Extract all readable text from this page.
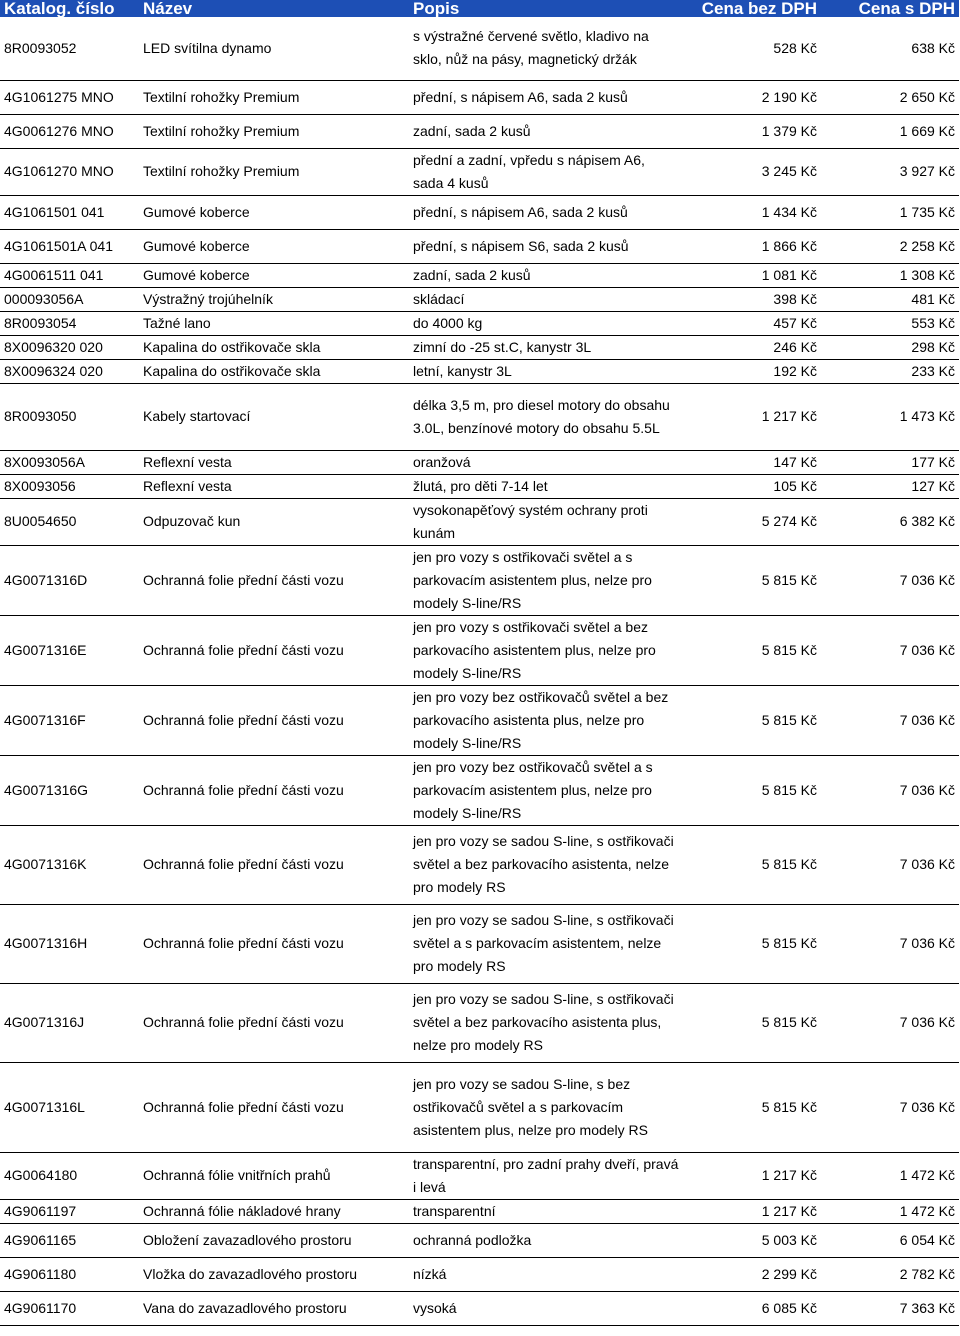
Katalog. číslo	Název	Popis	Cena bez DPH	Cena s DPH
8R0093052	LED svítilna dynamo	s výstražné červené světlo, kladivo na sklo, nůž na pásy, magnetický držák	528 Kč	638 Kč
4G1061275 MNO	Textilní rohožky Premium	přední, s nápisem A6, sada 2 kusů	2 190 Kč	2 650 Kč
4G0061276 MNO	Textilní rohožky Premium	zadní, sada 2 kusů	1 379 Kč	1 669 Kč
4G1061270 MNO	Textilní rohožky Premium	přední a zadní, vpředu s nápisem A6, sada 4 kusů	3 245 Kč	3 927 Kč
4G1061501 041	Gumové koberce	přední, s nápisem A6, sada 2 kusů	1 434 Kč	1 735 Kč
4G1061501A 041	Gumové koberce	přední, s nápisem S6, sada 2 kusů	1 866 Kč	2 258 Kč
4G0061511 041	Gumové koberce	zadní, sada 2 kusů	1 081 Kč	1 308 Kč
000093056A	Výstražný trojúhelník	skládací	398 Kč	481 Kč
8R0093054	Tažné lano	do 4000 kg	457 Kč	553 Kč
8X0096320 020	Kapalina do ostřikovače skla	zimní do -25 st.C, kanystr 3L	246 Kč	298 Kč
8X0096324 020	Kapalina do ostřikovače skla	letní, kanystr 3L	192 Kč	233 Kč
8R0093050	Kabely startovací	délka 3,5 m, pro diesel motory do obsahu 3.0L, benzínové motory do obsahu 5.5L	1 217 Kč	1 473 Kč
8X0093056A	Reflexní vesta	oranžová	147 Kč	177 Kč
8X0093056	Reflexní vesta	žlutá, pro děti 7-14 let	105 Kč	127 Kč
8U0054650	Odpuzovač kun	vysokonapěťový systém ochrany proti kunám	5 274 Kč	6 382 Kč
4G0071316D	Ochranná folie přední části vozu	jen pro vozy s ostřikovači světel a s parkovacím asistentem plus, nelze pro modely S-line/RS	5 815 Kč	7 036 Kč
4G0071316E	Ochranná folie přední části vozu	jen pro vozy s ostřikovači světel a bez parkovacího asistentem plus, nelze pro modely S-line/RS	5 815 Kč	7 036 Kč
4G0071316F	Ochranná folie přední části vozu	jen pro vozy bez ostřikovačů světel a bez parkovacího asistenta plus, nelze pro modely S-line/RS	5 815 Kč	7 036 Kč
4G0071316G	Ochranná folie přední části vozu	jen pro vozy bez ostřikovačů světel a s parkovacím asistentem plus, nelze pro modely S-line/RS	5 815 Kč	7 036 Kč
4G0071316K	Ochranná folie přední části vozu	jen pro vozy se sadou S-line, s ostřikovači světel a bez parkovacího asistenta, nelze pro modely RS	5 815 Kč	7 036 Kč
4G0071316H	Ochranná folie přední části vozu	jen pro vozy se sadou S-line, s ostřikovači světel a s parkovacím asistentem, nelze pro modely RS	5 815 Kč	7 036 Kč
4G0071316J	Ochranná folie přední části vozu	jen pro vozy se sadou S-line, s ostřikovači světel a bez parkovacího asistenta plus, nelze pro modely RS	5 815 Kč	7 036 Kč
4G0071316L	Ochranná folie přední části vozu	jen pro vozy se sadou S-line, s bez ostřikovačů světel a s parkovacím asistentem plus, nelze pro modely RS	5 815 Kč	7 036 Kč
4G0064180	Ochranná fólie vnitřních prahů	transparentní, pro zadní prahy dveří, pravá i levá	1 217 Kč	1 472 Kč
4G9061197	Ochranná fólie nákladové hrany	transparentní	1 217 Kč	1 472 Kč
4G9061165	Obložení zavazadlového prostoru	ochranná podložka	5 003 Kč	6 054 Kč
4G9061180	Vložka do zavazadlového prostoru	nízká	2 299 Kč	2 782 Kč
4G9061170	Vana do zavazadlového prostoru	vysoká	6 085 Kč	7 363 Kč
